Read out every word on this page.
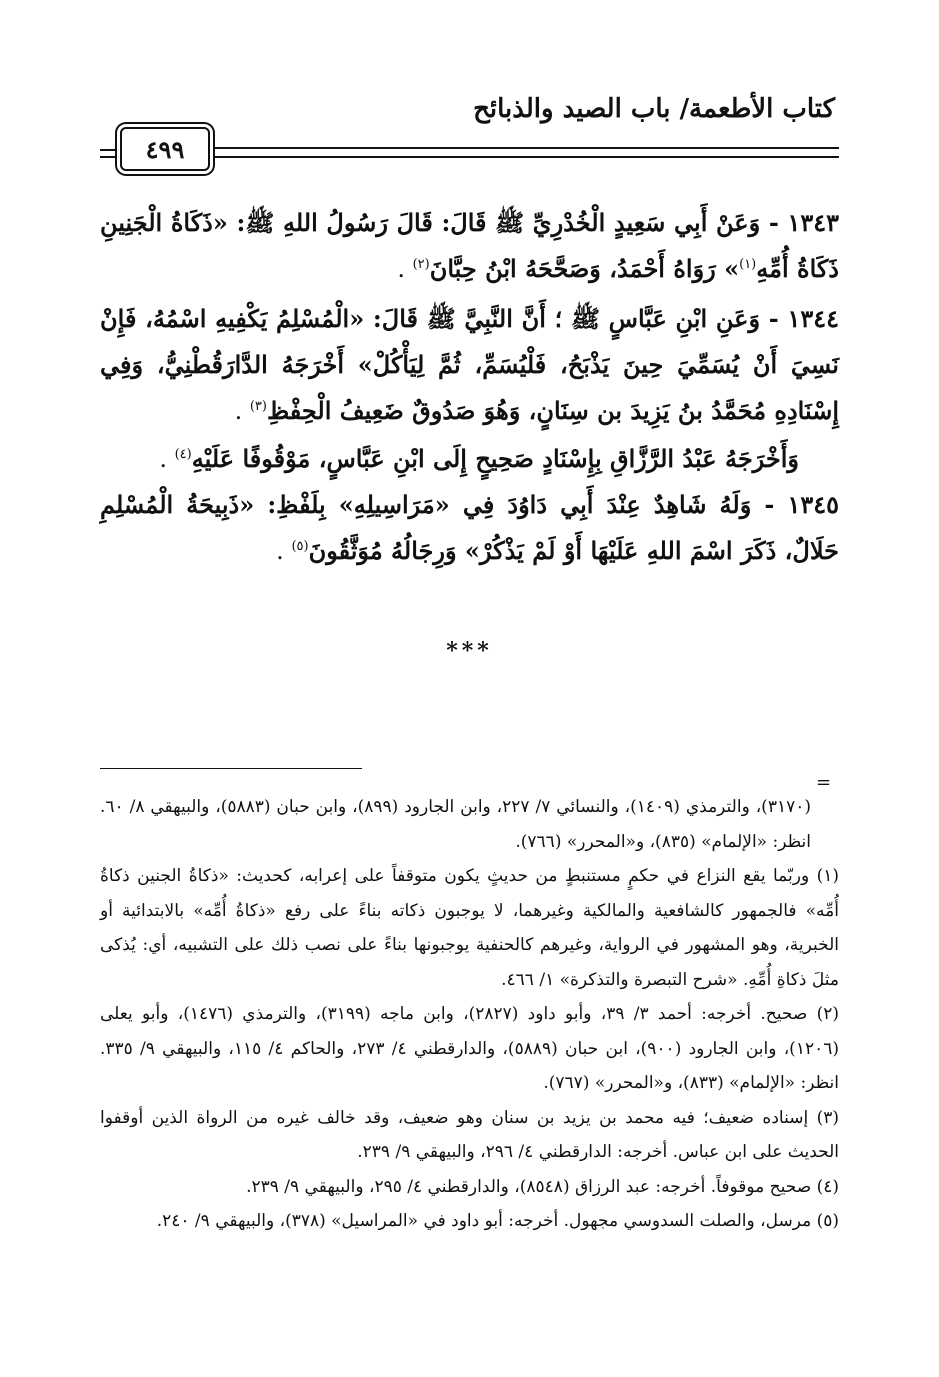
كتاب الأطعمة/ باب الصيد والذبائح
٤٩٩

١٣٤٣ - وَعَنْ أَبِي سَعِيدٍ الْخُدْرِيِّ ﷺ قَالَ: قَالَ رَسُولُ اللهِ ﷺ: «ذَكَاةُ الْجَنِينِ ذَكَاةُ أُمِّهِ$^{(١)}$» رَوَاهُ أَحْمَدُ، وَصَحَّحَهُ ابْنُ حِبَّانَ$^{(٢)}$ .

١٣٤٤ - وَعَنِ ابْنِ عَبَّاسٍ ﷺ ؛ أَنَّ النَّبِيَّ ﷺ قَالَ: «الْمُسْلِمُ يَكْفِيهِ اسْمُهُ، فَإِنْ نَسِيَ أَنْ يُسَمِّيَ حِينَ يَذْبَحُ، فَلْيُسَمِّ، ثُمَّ لِيَأْكُلْ» أَخْرَجَهُ الدَّارَقُطْنِيُّ، وَفِي إِسْنَادِهِ مُحَمَّدُ بنُ يَزِيدَ بن سِنَانٍ، وَهُوَ صَدُوقٌ ضَعِيفُ الْحِفْظِ$^{(٣)}$ .

وَأَخْرَجَهُ عَبْدُ الرَّزَّاقِ بِإِسْنَادٍ صَحِيحٍ إِلَى ابْنِ عَبَّاسٍ، مَوْقُوفًا عَلَيْهِ$^{(٤)}$ .

١٣٤٥ - وَلَهُ شَاهِدٌ عِنْدَ أَبِي دَاوُدَ فِي «مَرَاسِيلِهِ» بِلَفْظِ: «ذَبِيحَةُ الْمُسْلِمِ حَلَالٌ، ذَكَرَ اسْمَ اللهِ عَلَيْهَا أَوْ لَمْ يَذْكُرْ» وَرِجَالُهُ مُوَثَّقُونَ$^{(٥)}$ .

***
=

(٣١٧٠)، والترمذي (١٤٠٩)، والنسائي ٧/ ٢٢٧، وابن الجارود (٨٩٩)، وابن حبان (٥٨٨٣)، والبيهقي ٨/ ٦٠. انظر: «الإلمام» (٨٣٥)، و«المحرر» (٧٦٦).

(١) وربّما يقع النزاع في حكمٍ مستنبطٍ من حديثٍ يكون متوقفاً على إعرابه، كحديث: «ذكاةُ الجنين ذكاةُ أُمِّه» فالجمهور كالشافعية والمالكية وغيرهما، لا يوجبون ذكاته بناءً على رفع «ذكاةُ أُمِّه» بالابتدائية أو الخبرية، وهو المشهور في الرواية، وغيرهم كالحنفية يوجبونها بناءً على نصب ذلك على التشبيه، أي: يُذكى مثلَ ذكاةِ أُمِّهِ. «شرح التبصرة والتذكرة» ١/ ٤٦٦.

(٢) صحيح. أخرجه: أحمد ٣/ ٣٩، وأبو داود (٢٨٢٧)، وابن ماجه (٣١٩٩)، والترمذي (١٤٧٦)، وأبو يعلى (١٢٠٦)، وابن الجارود (٩٠٠)، ابن حبان (٥٨٨٩)، والدارقطني ٤/ ٢٧٣، والحاكم ٤/ ١١٥، والبيهقي ٩/ ٣٣٥. انظر: «الإلمام» (٨٣٣)، و«المحرر» (٧٦٧).

(٣) إسناده ضعيف؛ فيه محمد بن يزيد بن سنان وهو ضعيف، وقد خالف غيره من الرواة الذين أوقفوا الحديث على ابن عباس. أخرجه: الدارقطني ٤/ ٢٩٦، والبيهقي ٩/ ٢٣٩.

(٤) صحيح موقوفاً. أخرجه: عبد الرزاق (٨٥٤٨)، والدارقطني ٤/ ٢٩٥، والبيهقي ٩/ ٢٣٩.

(٥) مرسل، والصلت السدوسي مجهول. أخرجه: أبو داود في «المراسيل» (٣٧٨)، والبيهقي ٩/ ٢٤٠.
